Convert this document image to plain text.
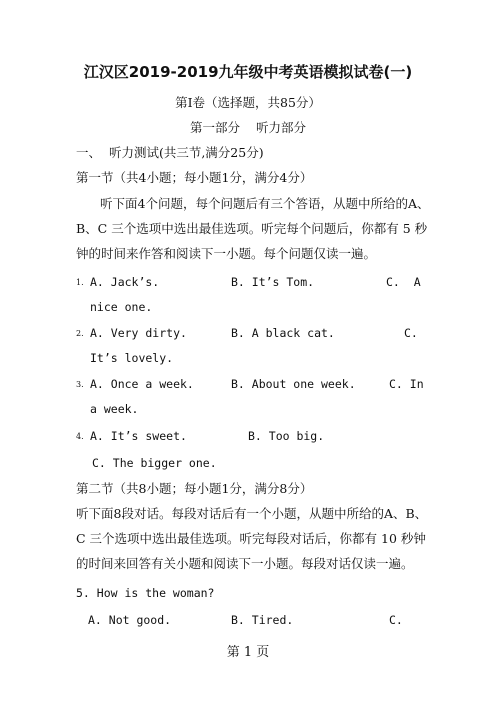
江汉区2019-2019九年级中考英语模拟试卷(一)
第Ⅰ卷（选择题，共85分）
第一部分    听力部分
一、  听力测试(共三节,满分25分)
第一节（共4小题；每小题1分，满分4分）
听下面4个问题，每个问题后有三个答语，从题中所给的A、
B、C 三个选项中选出最佳选项。听完每个问题后，你都有 5 秒
钟的时间来作答和阅读下一小题。每个问题仅读一遍。
1. A. Jack’s.	B. It’s Tom.	C.  A
nice one.
2. A. Very dirty.	B. A black cat.	C.
It’s lovely.
3. A. Once a week.	B. About one week.	C. In
a week.
4. A. It’s sweet.	B. Too big.
C. The bigger one.
第二节（共8小题；每小题1分，满分8分）
听下面8段对话。每段对话后有一个小题，从题中所给的A、B、
C 三个选项中选出最佳选项。听完每段对话后，你都有 10 秒钟
的时间来回答有关小题和阅读下一小题。每段对话仅读一遍。
5. How is the woman?
A. Not good.	B. Tired.	C.
第 1 页
